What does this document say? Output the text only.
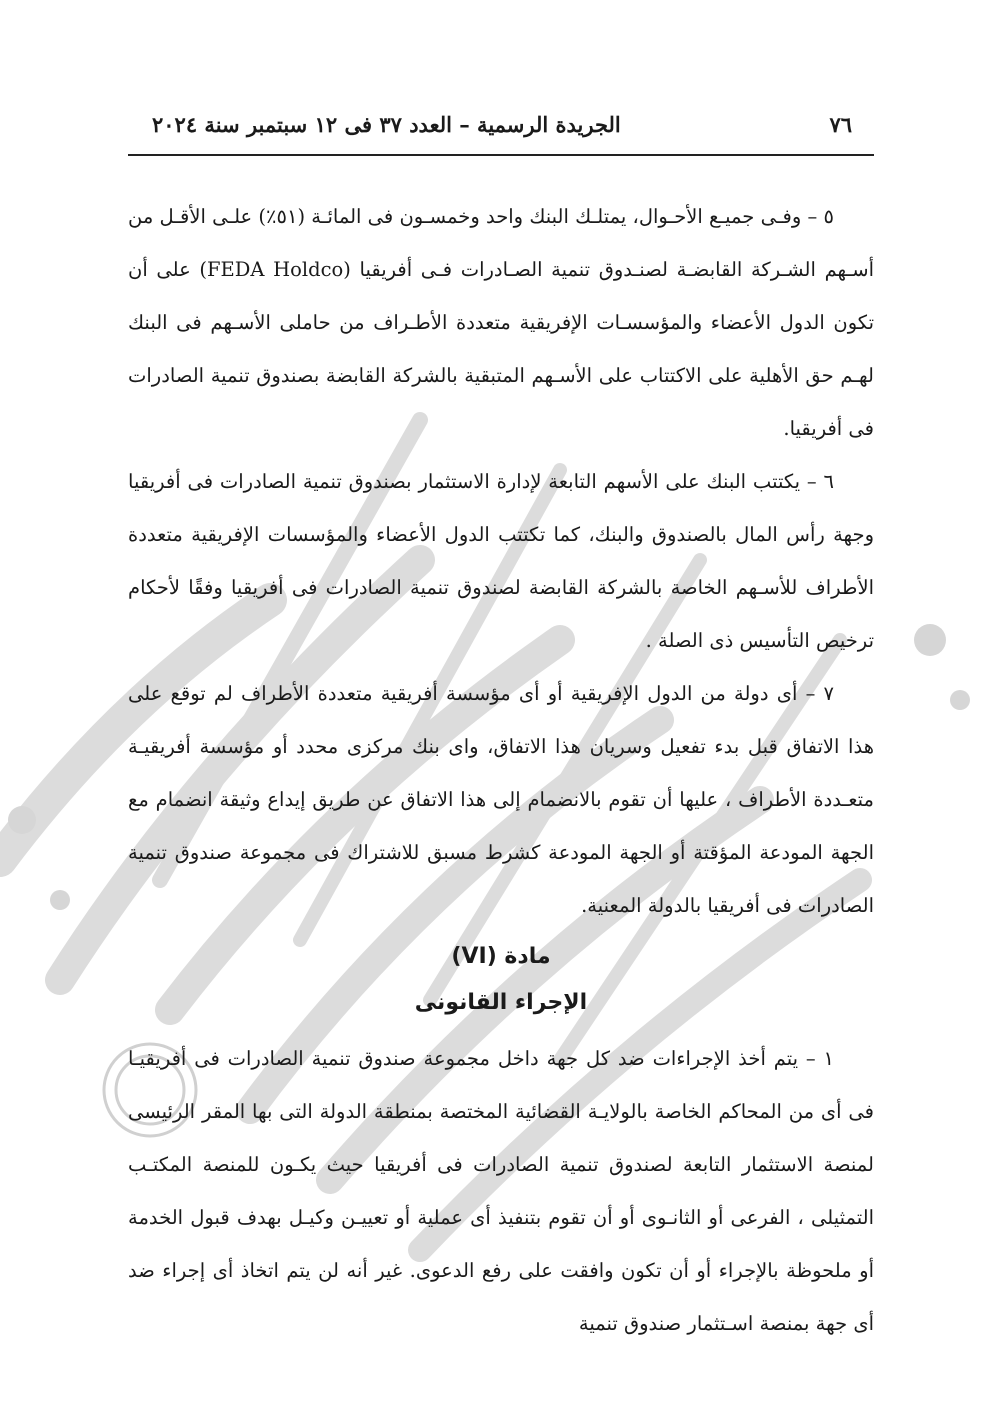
٧٦
الجريدة الرسمية – العدد ٣٧ فى ١٢ سبتمبر سنة ٢٠٢٤

٥ – وفـى جميـع الأحـوال، يمتلـك البنك واحد وخمسـون فى المائـة (٥١٪) علـى الأقـل من أسـهم الشـركة القابضـة لصنـدوق تنمية الصـادرات فـى أفريقيا (FEDA Holdco) على أن تكون الدول الأعضاء والمؤسسـات الإفريقية متعددة الأطـراف من حاملى الأسـهم فى البنك لهـم حق الأهلية على الاكتتاب على الأسـهم المتبقية بالشركة القابضة بصندوق تنمية الصادرات فى أفريقيا.

٦ – يكتتب البنك على الأسهم التابعة لإدارة الاستثمار بصندوق تنمية الصادرات فى أفريقيا وجهة رأس المال بالصندوق والبنك، كما تكتتب الدول الأعضاء والمؤسسات الإفريقية متعددة الأطراف للأسـهم الخاصة بالشركة القابضة لصندوق تنمية الصادرات فى أفريقيا وفقًا لأحكام ترخيص التأسيس ذى الصلة .

٧ – أى دولة من الدول الإفريقية أو أى مؤسسة أفريقية متعددة الأطراف لم توقع على هذا الاتفاق قبل بدء تفعيل وسريان هذا الاتفاق، واى بنك مركزى محدد أو مؤسسة أفريقيـة متعـددة الأطراف ، عليها أن تقوم بالانضمام إلى هذا الاتفاق عن طريق إيداع وثيقة انضمام مع الجهة المودعة المؤقتة أو الجهة المودعة كشرط مسبق للاشتراك فى مجموعة صندوق تنمية الصادرات فى أفريقيا بالدولة المعنية.

مادة (VI)

الإجراء القانونى

١ – يتم أخذ الإجراءات ضد كل جهة داخل مجموعة صندوق تنمية الصادرات فى أفريقيـا فى أى من المحاكم الخاصة بالولايـة القضائية المختصة بمنطقة الدولة التى بها المقر الرئيسى لمنصة الاستثمار التابعة لصندوق تنمية الصادرات فى أفريقيا حيث يكـون للمنصة المكتـب التمثيلى ، الفرعى أو الثانـوى أو أن تقوم بتنفيذ أى عملية أو تعييـن وكيـل بهدف قبول الخدمة أو ملحوظة بالإجراء أو أن تكون وافقت على رفع الدعوى. غير أنه لن يتم اتخاذ أى إجراء ضد أى جهة بمنصة اسـتثمار صندوق تنمية
